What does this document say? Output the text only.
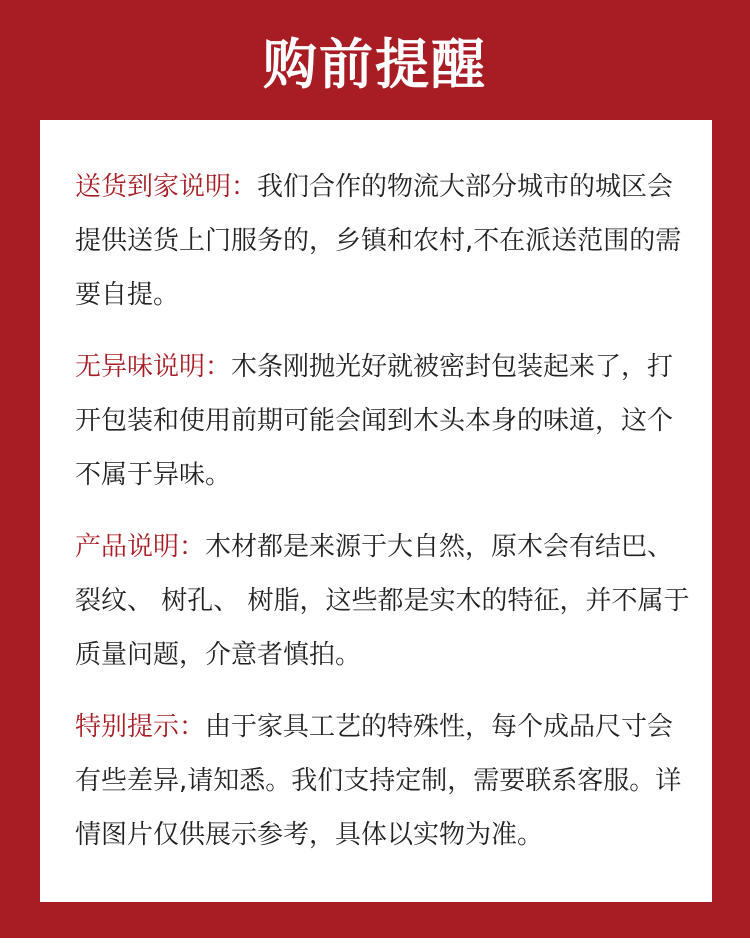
购前提醒

送货到家说明：我们合作的物流大部分城市的城区会提供送货上门服务的，乡镇和农村,不在派送范围的需要自提。

无异味说明：木条刚抛光好就被密封包装起来了，打开包装和使用前期可能会闻到木头本身的味道，这个不属于异味。

产品说明：木材都是来源于大自然，原木会有结巴、 裂纹、 树孔、 树脂，这些都是实木的特征，并不属于质量问题，介意者慎拍。

特别提示：由于家具工艺的特殊性，每个成品尺寸会有些差异,请知悉。我们支持定制，需要联系客服。详情图片仅供展示参考，具体以实物为准。
